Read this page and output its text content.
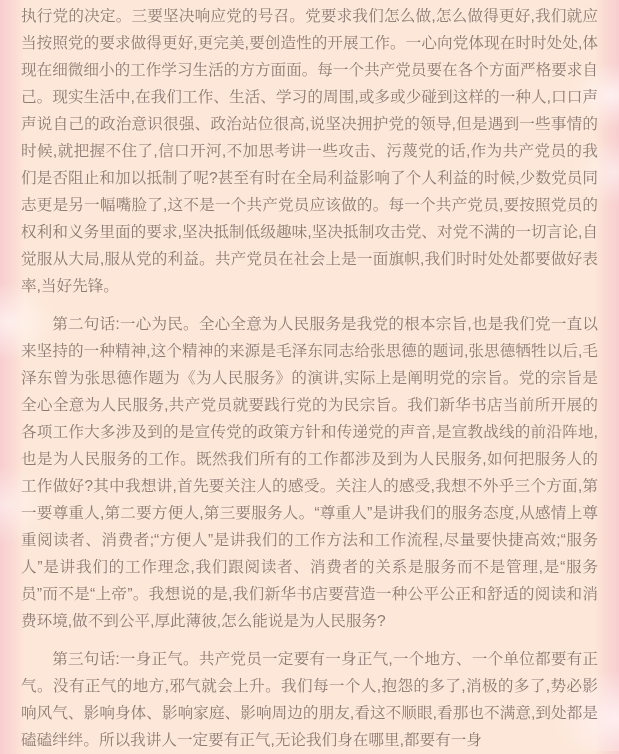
执行党的决定。三要坚决响应党的号召。党要求我们怎么做,怎么做得更好,我们就应当按照党的要求做得更好,更完美,要创造性的开展工作。一心向党体现在时时处处,体现在细微细小的工作学习生活的方方面面。每一个共产党员要在各个方面严格要求自己。现实生活中,在我们工作、生活、学习的周围,或多或少碰到这样的一种人,口口声声说自己的政治意识很强、政治站位很高,说坚决拥护党的领导,但是遇到一些事情的时候,就把握不住了,信口开河,不加思考讲一些攻击、污蔑党的话,作为共产党员的我们是否阻止和加以抵制了呢?甚至有时在全局利益影响了个人利益的时候,少数党员同志更是另一幅嘴脸了,这不是一个共产党员应该做的。每一个共产党员,要按照党员的权利和义务里面的要求,坚决抵制低级趣味,坚决抵制攻击党、对党不满的一切言论,自觉服从大局,服从党的利益。共产党员在社会上是一面旗帜,我们时时处处都要做好表率,当好先锋。

第二句话:一心为民。全心全意为人民服务是我党的根本宗旨,也是我们党一直以来坚持的一种精神,这个精神的来源是毛泽东同志给张思德的题词,张思德牺牲以后,毛泽东曾为张思德作题为《为人民服务》的演讲,实际上是阐明党的宗旨。党的宗旨是全心全意为人民服务,共产党员就要践行党的为民宗旨。我们新华书店当前所开展的各项工作大多涉及到的是宣传党的政策方针和传递党的声音,是宣教战线的前沿阵地,也是为人民服务的工作。既然我们所有的工作都涉及到为人民服务,如何把服务人的工作做好?其中我想讲,首先要关注人的感受。关注人的感受,我想不外乎三个方面,第一要尊重人,第二要方便人,第三要服务人。“尊重人”是讲我们的服务态度,从感情上尊重阅读者、消费者;“方便人”是讲我们的工作方法和工作流程,尽量要快捷高效;“服务人”是讲我们的工作理念,我们跟阅读者、消费者的关系是服务而不是管理,是“服务员”而不是“上帝”。我想说的是,我们新华书店要营造一种公平公正和舒适的阅读和消费环境,做不到公平,厚此薄彼,怎么能说是为人民服务?

第三句话:一身正气。共产党员一定要有一身正气,一个地方、一个单位都要有正气。没有正气的地方,邪气就会上升。我们每一个人,抱怨的多了,消极的多了,势必影响风气、影响身体、影响家庭、影响周边的朋友,看这不顺眼,看那也不满意,到处都是磕磕绊绊。所以我讲人一定要有正气,无论我们身在哪里,都要有一身
